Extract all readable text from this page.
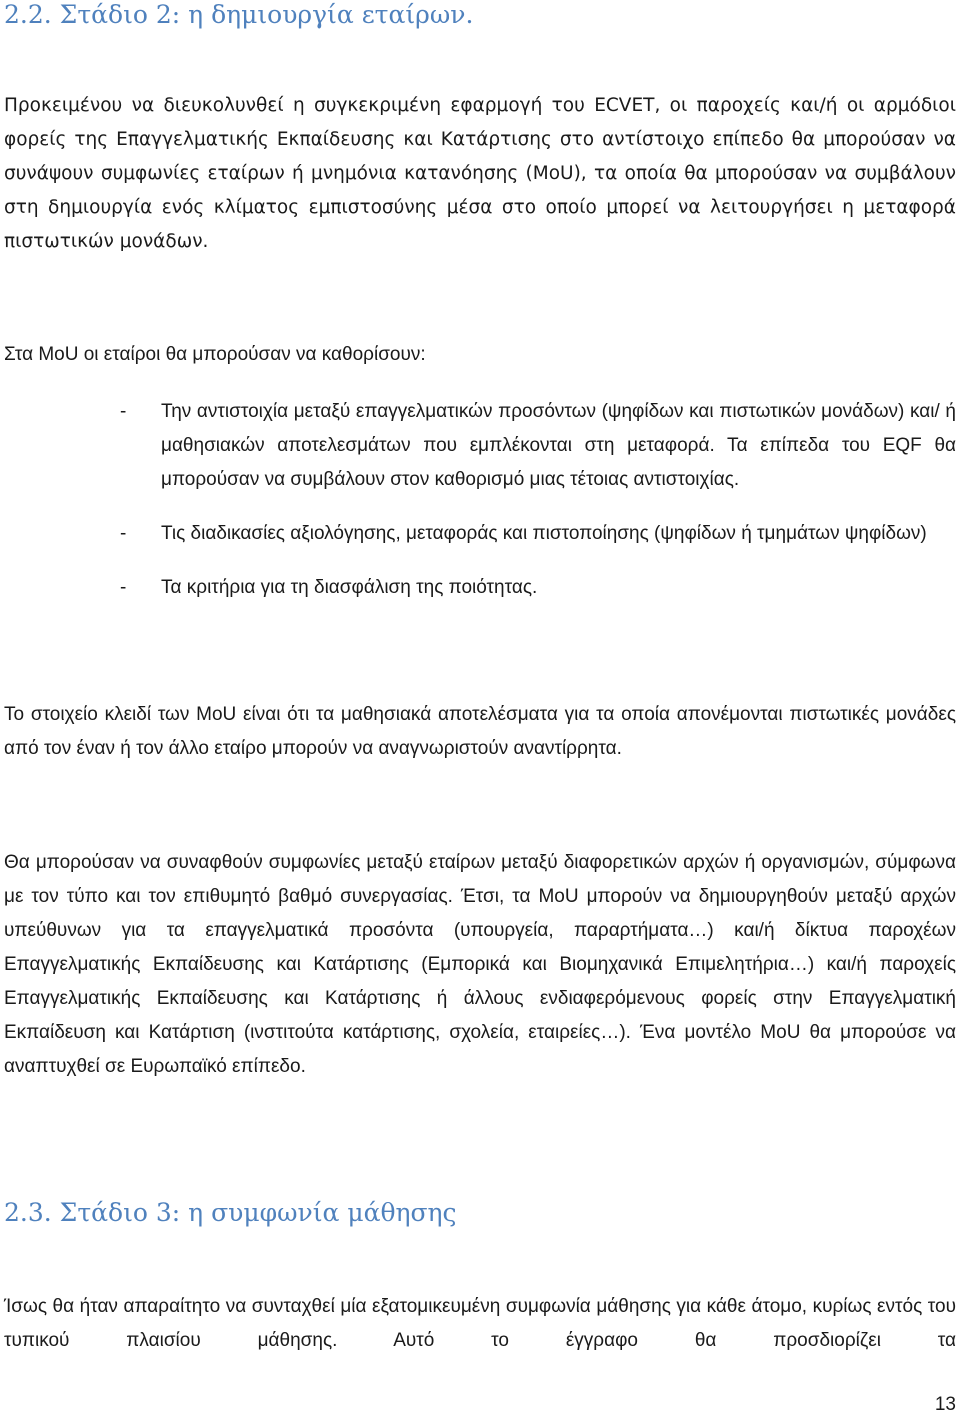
2.2. Στάδιο 2: η δημιουργία εταίρων.

Προκειμένου να διευκολυνθεί η συγκεκριμένη εφαρμογή του ECVET, οι παροχείς και/ή οι αρμόδιοι φορείς της Επαγγελματικής Εκπαίδευσης και Κατάρτισης στο αντίστοιχο επίπεδο θα μπορούσαν να συνάψουν συμφωνίες εταίρων ή μνημόνια κατανόησης (MoU), τα οποία θα μπορούσαν να συμβάλουν στη δημιουργία ενός κλίματος εμπιστοσύνης μέσα στο οποίο μπορεί να λειτουργήσει η μεταφορά πιστωτικών μονάδων.

Στα MoU οι εταίροι θα μπορούσαν να καθορίσουν:

- Την αντιστοιχία μεταξύ επαγγελματικών προσόντων (ψηφίδων και πιστωτικών μονάδων) και/ ή μαθησιακών αποτελεσμάτων που εμπλέκονται στη μεταφορά. Τα επίπεδα του EQF θα μπορούσαν να συμβάλουν στον καθορισμό μιας τέτοιας αντιστοιχίας.
- Τις διαδικασίες αξιολόγησης, μεταφοράς και πιστοποίησης (ψηφίδων ή τμημάτων ψηφίδων)
- Τα κριτήρια για τη διασφάλιση της ποιότητας.

Το στοιχείο κλειδί των MoU είναι ότι τα μαθησιακά αποτελέσματα για τα οποία απονέμονται πιστωτικές μονάδες από τον έναν ή τον άλλο εταίρο μπορούν να αναγνωριστούν αναντίρρητα.

Θα μπορούσαν να συναφθούν συμφωνίες μεταξύ εταίρων μεταξύ διαφορετικών αρχών ή οργανισμών, σύμφωνα με τον τύπο και τον επιθυμητό βαθμό συνεργασίας. Έτσι, τα MoU μπορούν να δημιουργηθούν μεταξύ αρχών υπεύθυνων για τα επαγγελματικά προσόντα (υπουργεία, παραρτήματα…) και/ή δίκτυα παροχέων Επαγγελματικής Εκπαίδευσης και Κατάρτισης (Εμπορικά και Βιομηχανικά Επιμελητήρια…) και/ή παροχείς Επαγγελματικής Εκπαίδευσης και Κατάρτισης ή άλλους ενδιαφερόμενους φορείς στην Επαγγελματική Εκπαίδευση και Κατάρτιση (ινστιτούτα κατάρτισης, σχολεία, εταιρείες…). Ένα μοντέλο MoU θα μπορούσε να αναπτυχθεί σε Ευρωπαϊκό επίπεδο.

2.3. Στάδιο 3: η συμφωνία μάθησης

Ίσως θα ήταν απαραίτητο να συνταχθεί μία εξατομικευμένη συμφωνία μάθησης για κάθε άτομο, κυρίως εντός του τυπικού πλαισίου μάθησης. Αυτό το έγγραφο θα προσδιορίζει τα

13
